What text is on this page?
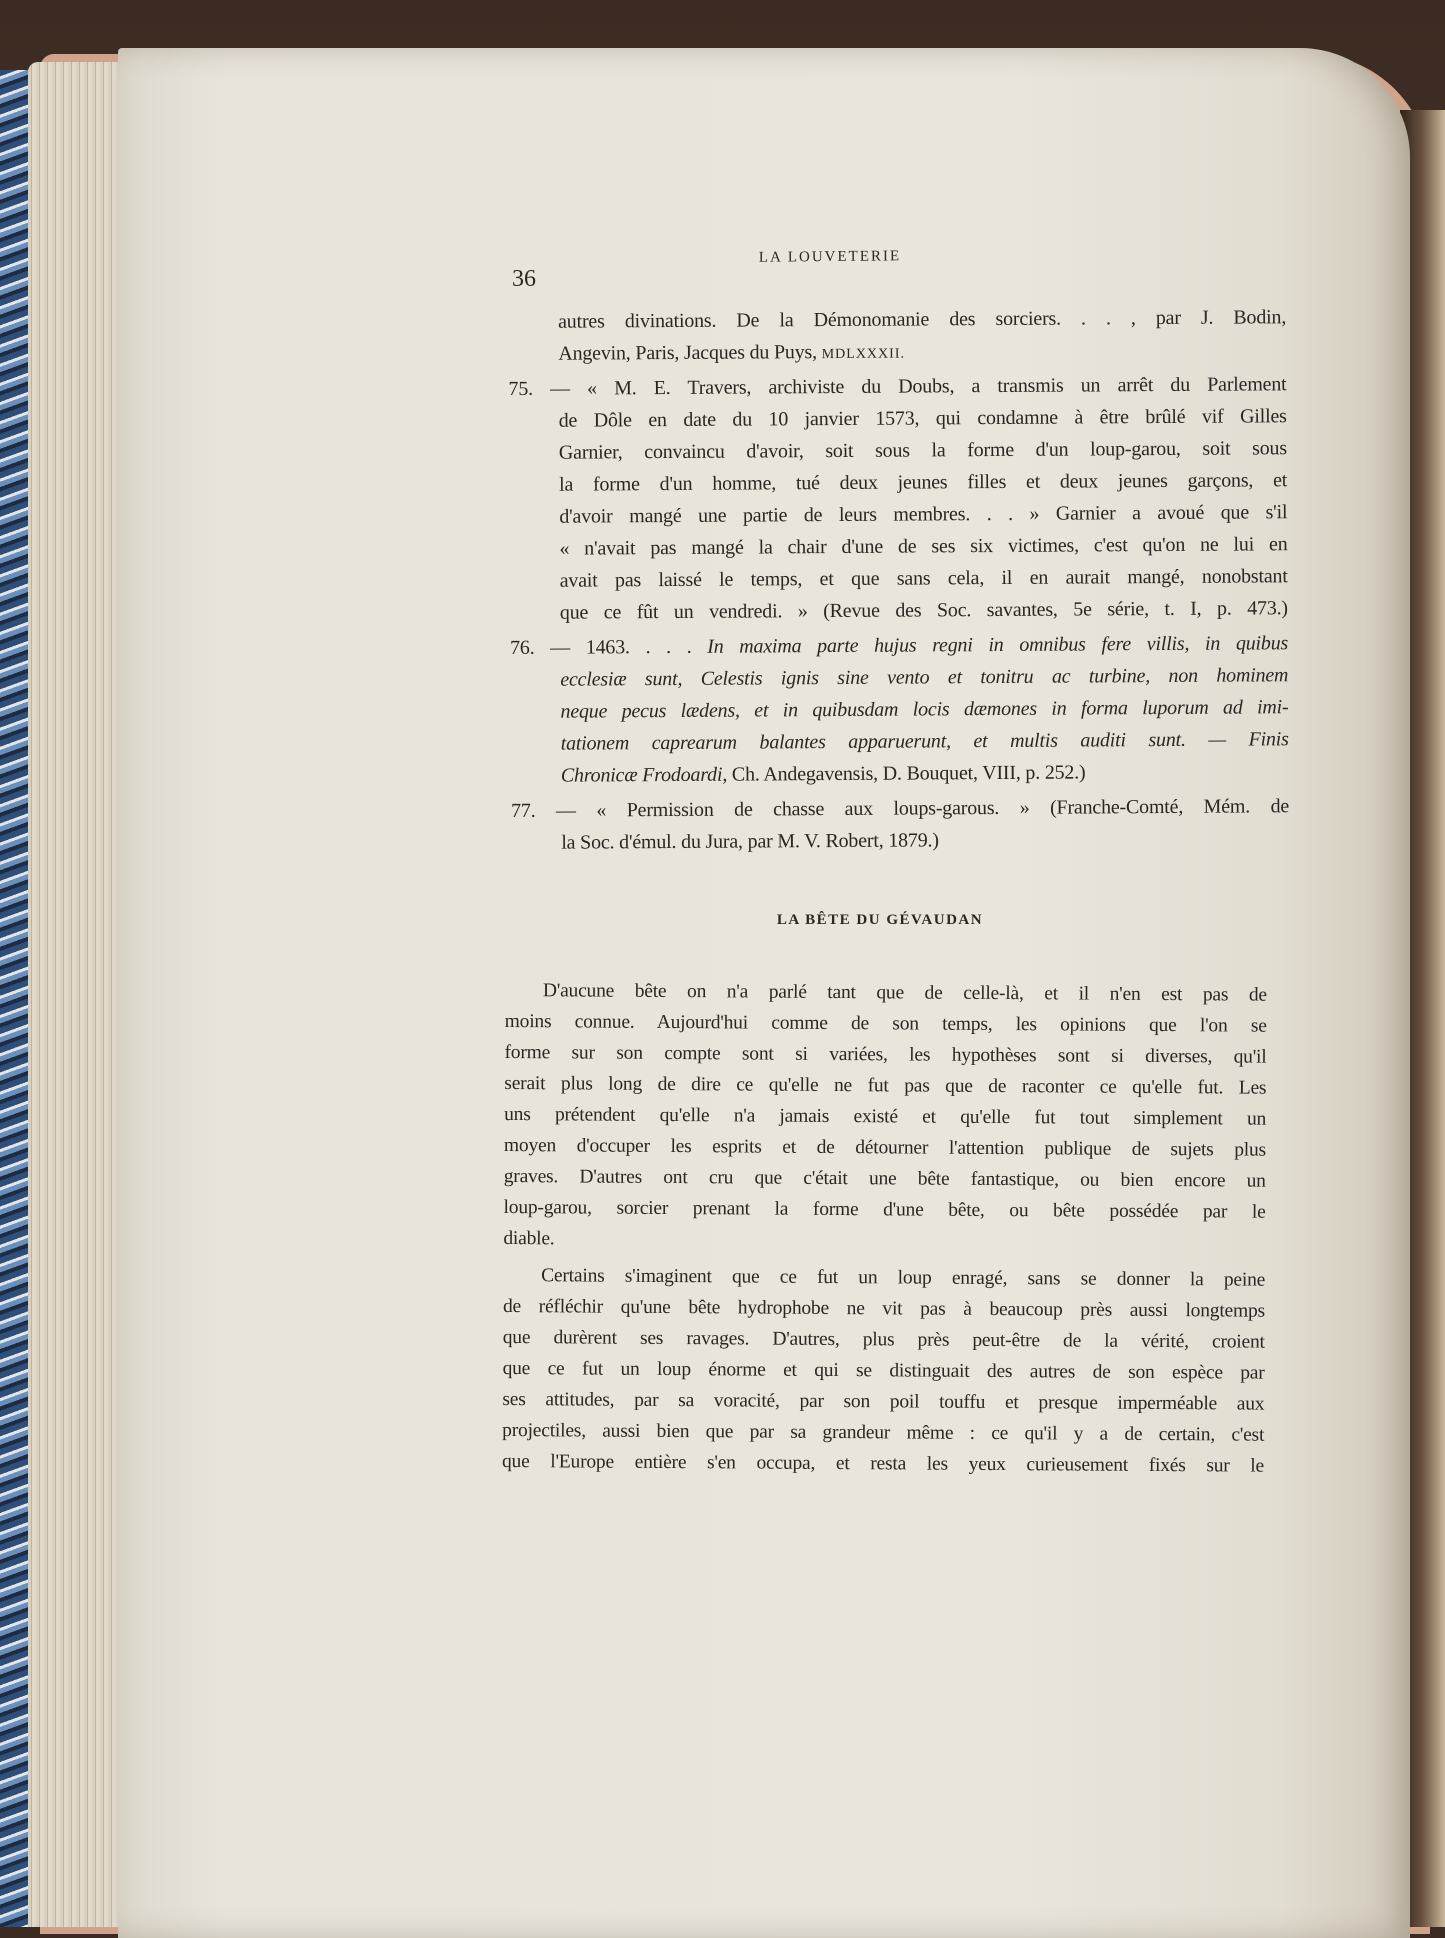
36
LA LOUVETERIE
autres divinations. De la Démonomanie des sorciers. . . , par J. Bodin,
Angevin, Paris, Jacques du Puys, MDLXXXII.
75. — « M. E. Travers, archiviste du Doubs, a transmis un arrêt du Parlement
de Dôle en date du 10 janvier 1573, qui condamne à être brûlé vif Gilles
Garnier, convaincu d'avoir, soit sous la forme d'un loup-garou, soit sous
la forme d'un homme, tué deux jeunes filles et deux jeunes garçons, et
d'avoir mangé une partie de leurs membres. . . » Garnier a avoué que s'il
« n'avait pas mangé la chair d'une de ses six victimes, c'est qu'on ne lui en
avait pas laissé le temps, et que sans cela, il en aurait mangé, nonobstant
que ce fût un vendredi. » (Revue des Soc. savantes, 5e série, t. I, p. 473.)
76. — 1463. . . . In maxima parte hujus regni in omnibus fere villis, in quibus
ecclesiæ sunt, Celestis ignis sine vento et tonitru ac turbine, non hominem
neque pecus lædens, et in quibusdam locis dæmones in forma luporum ad imi-
tationem caprearum balantes apparuerunt, et multis auditi sunt. — Finis
Chronicæ Frodoardi, Ch. Andegavensis, D. Bouquet, VIII, p. 252.)
77. — « Permission de chasse aux loups-garous. » (Franche-Comté, Mém. de
la Soc. d'émul. du Jura, par M. V. Robert, 1879.)
LA BÊTE DU GÉVAUDAN
D'aucune bête on n'a parlé tant que de celle-là, et il n'en est pas de
moins connue. Aujourd'hui comme de son temps, les opinions que l'on se
forme sur son compte sont si variées, les hypothèses sont si diverses, qu'il
serait plus long de dire ce qu'elle ne fut pas que de raconter ce qu'elle fut. Les
uns prétendent qu'elle n'a jamais existé et qu'elle fut tout simplement un
moyen d'occuper les esprits et de détourner l'attention publique de sujets plus
graves. D'autres ont cru que c'était une bête fantastique, ou bien encore un
loup-garou, sorcier prenant la forme d'une bête, ou bête possédée par le
diable.
Certains s'imaginent que ce fut un loup enragé, sans se donner la peine
de réfléchir qu'une bête hydrophobe ne vit pas à beaucoup près aussi longtemps
que durèrent ses ravages. D'autres, plus près peut-être de la vérité, croient
que ce fut un loup énorme et qui se distinguait des autres de son espèce par
ses attitudes, par sa voracité, par son poil touffu et presque imperméable aux
projectiles, aussi bien que par sa grandeur même : ce qu'il y a de certain, c'est
que l'Europe entière s'en occupa, et resta les yeux curieusement fixés sur le
